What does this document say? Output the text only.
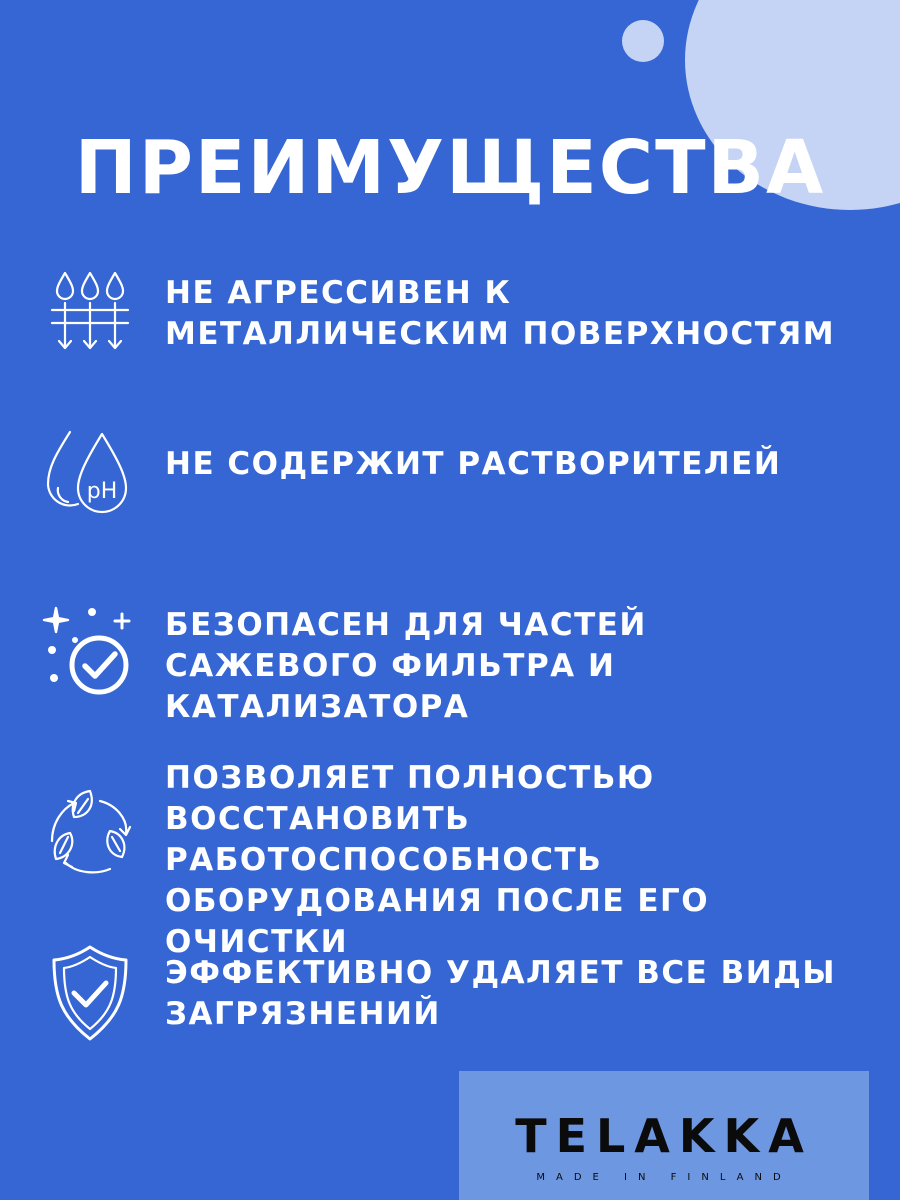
ПРЕИМУЩЕСТВА
НЕ АГРЕССИВЕН К МЕТАЛЛИЧЕСКИМ ПОВЕРХНОСТЯМ
pH
НЕ СОДЕРЖИТ РАСТВОРИТЕЛЕЙ
БЕЗОПАСЕН ДЛЯ ЧАСТЕЙ САЖЕВОГО ФИЛЬТРА И КАТАЛИЗАТОРА
ПОЗВОЛЯЕТ ПОЛНОСТЬЮ ВОССТАНОВИТЬ РАБОТОСПОСОБНОСТЬ ОБОРУДОВАНИЯ ПОСЛЕ ЕГО ОЧИСТКИ
ЭФФЕКТИВНО УДАЛЯЕТ ВСЕ ВИДЫ ЗАГРЯЗНЕНИЙ
TELAKKA
MADE IN FINLAND
